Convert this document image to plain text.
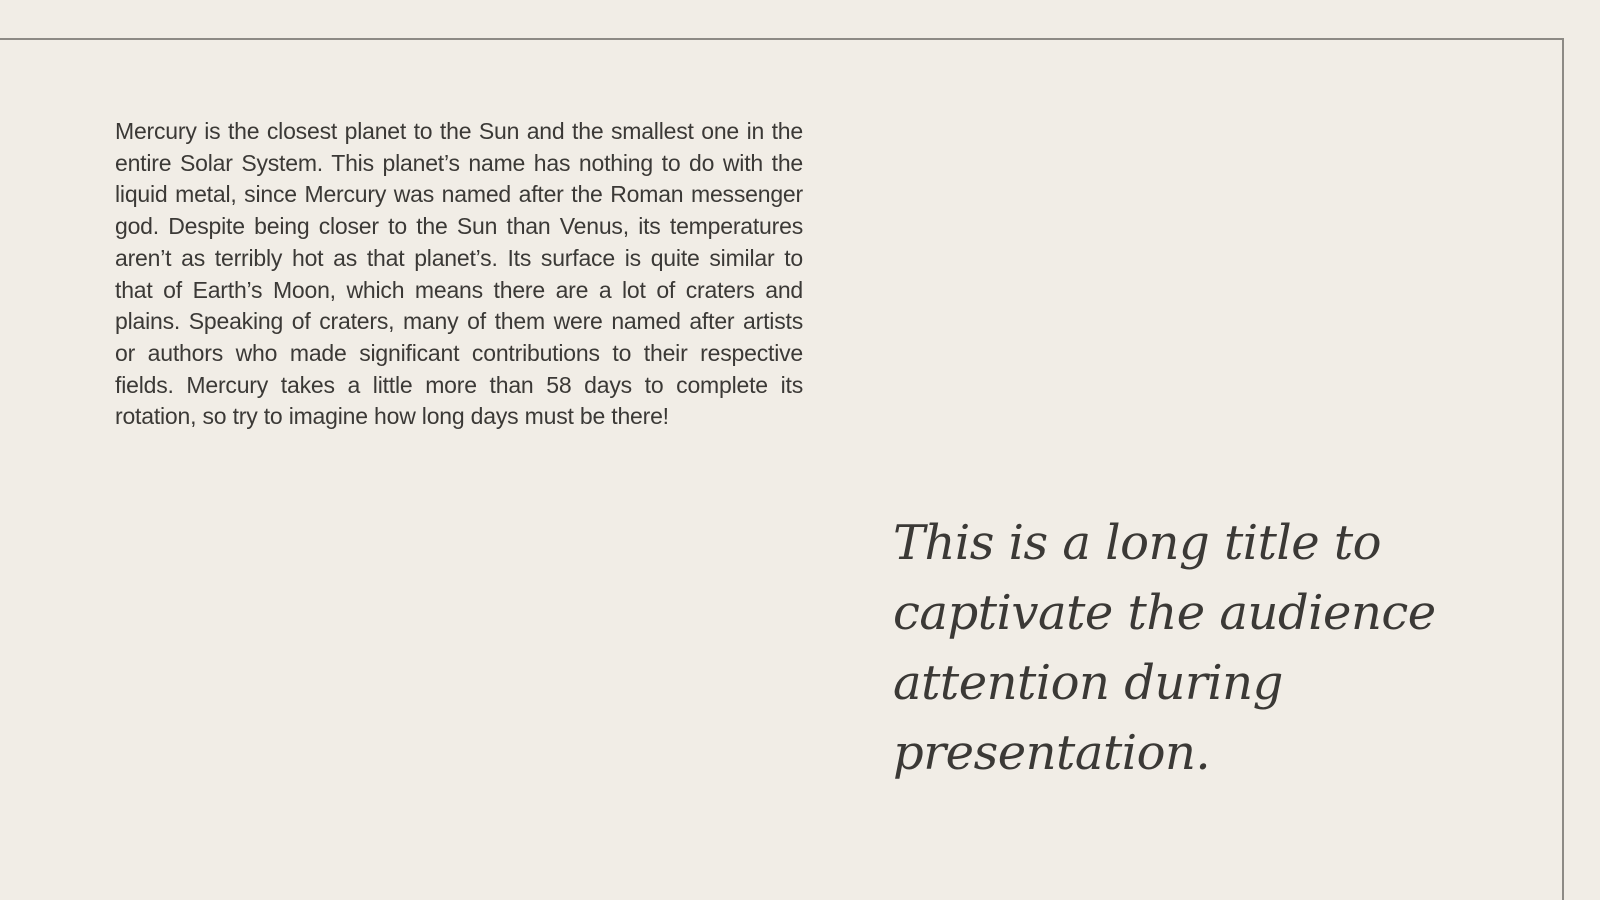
Mercury is the closest planet to the Sun and the smallest one in the entire Solar System. This planet’s name has nothing to do with the liquid metal, since Mercury was named after the Roman messenger god. Despite being closer to the Sun than Venus, its temperatures aren’t as terribly hot as that planet’s. Its surface is quite similar to that of Earth’s Moon, which means there are a lot of craters and plains. Speaking of craters, many of them were named after artists or authors who made significant contributions to their respective fields. Mercury takes a little more than 58 days to complete its rotation, so try to imagine how long days must be there!

This is a long title to captivate the audience attention during presentation.
